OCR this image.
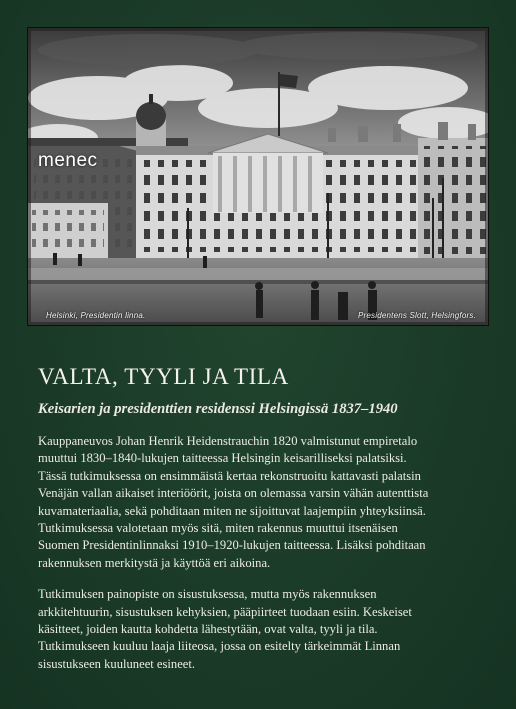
Helsinki, Presidentin linna.	Presidentens Slott, Helsingfors.
menec
VALTA, TYYLI JA TILA
Keisarien ja presidenttien residenssi Helsingissä 1837–1940

Kauppaneuvos Johan Henrik Heidenstrauchin 1820 valmistunut empiretalo
muuttui 1830–1840-lukujen taitteessa Helsingin keisarilliseksi palatsiksi.
Tässä tutkimuksessa on ensimmäistä kertaa rekonstruoitu kattavasti palatsin
Venäjän vallan aikaiset interiöörit, joista on olemassa varsin vähän autenttista
kuvamateriaalia, sekä pohditaan miten ne sijoittuvat laajempiin yhteyksiinsä.
Tutkimuksessa valotetaan myös sitä, miten rakennus muuttui itsenäisen
Suomen Presidentinlinnaksi 1910–1920-lukujen taitteessa. Lisäksi pohditaan
rakennuksen merkitystä ja käyttöä eri aikoina.

Tutkimuksen painopiste on sisustuksessa, mutta myös rakennuksen
arkkitehtuurin, sisustuksen kehyksien, pääpiirteet tuodaan esiin. Keskeiset
käsitteet, joiden kautta kohdetta lähestytään, ovat valta, tyyli ja tila.
Tutkimukseen kuuluu laaja liiteosa, jossa on esitelty tärkeimmät Linnan
sisustukseen kuuluneet esineet.
